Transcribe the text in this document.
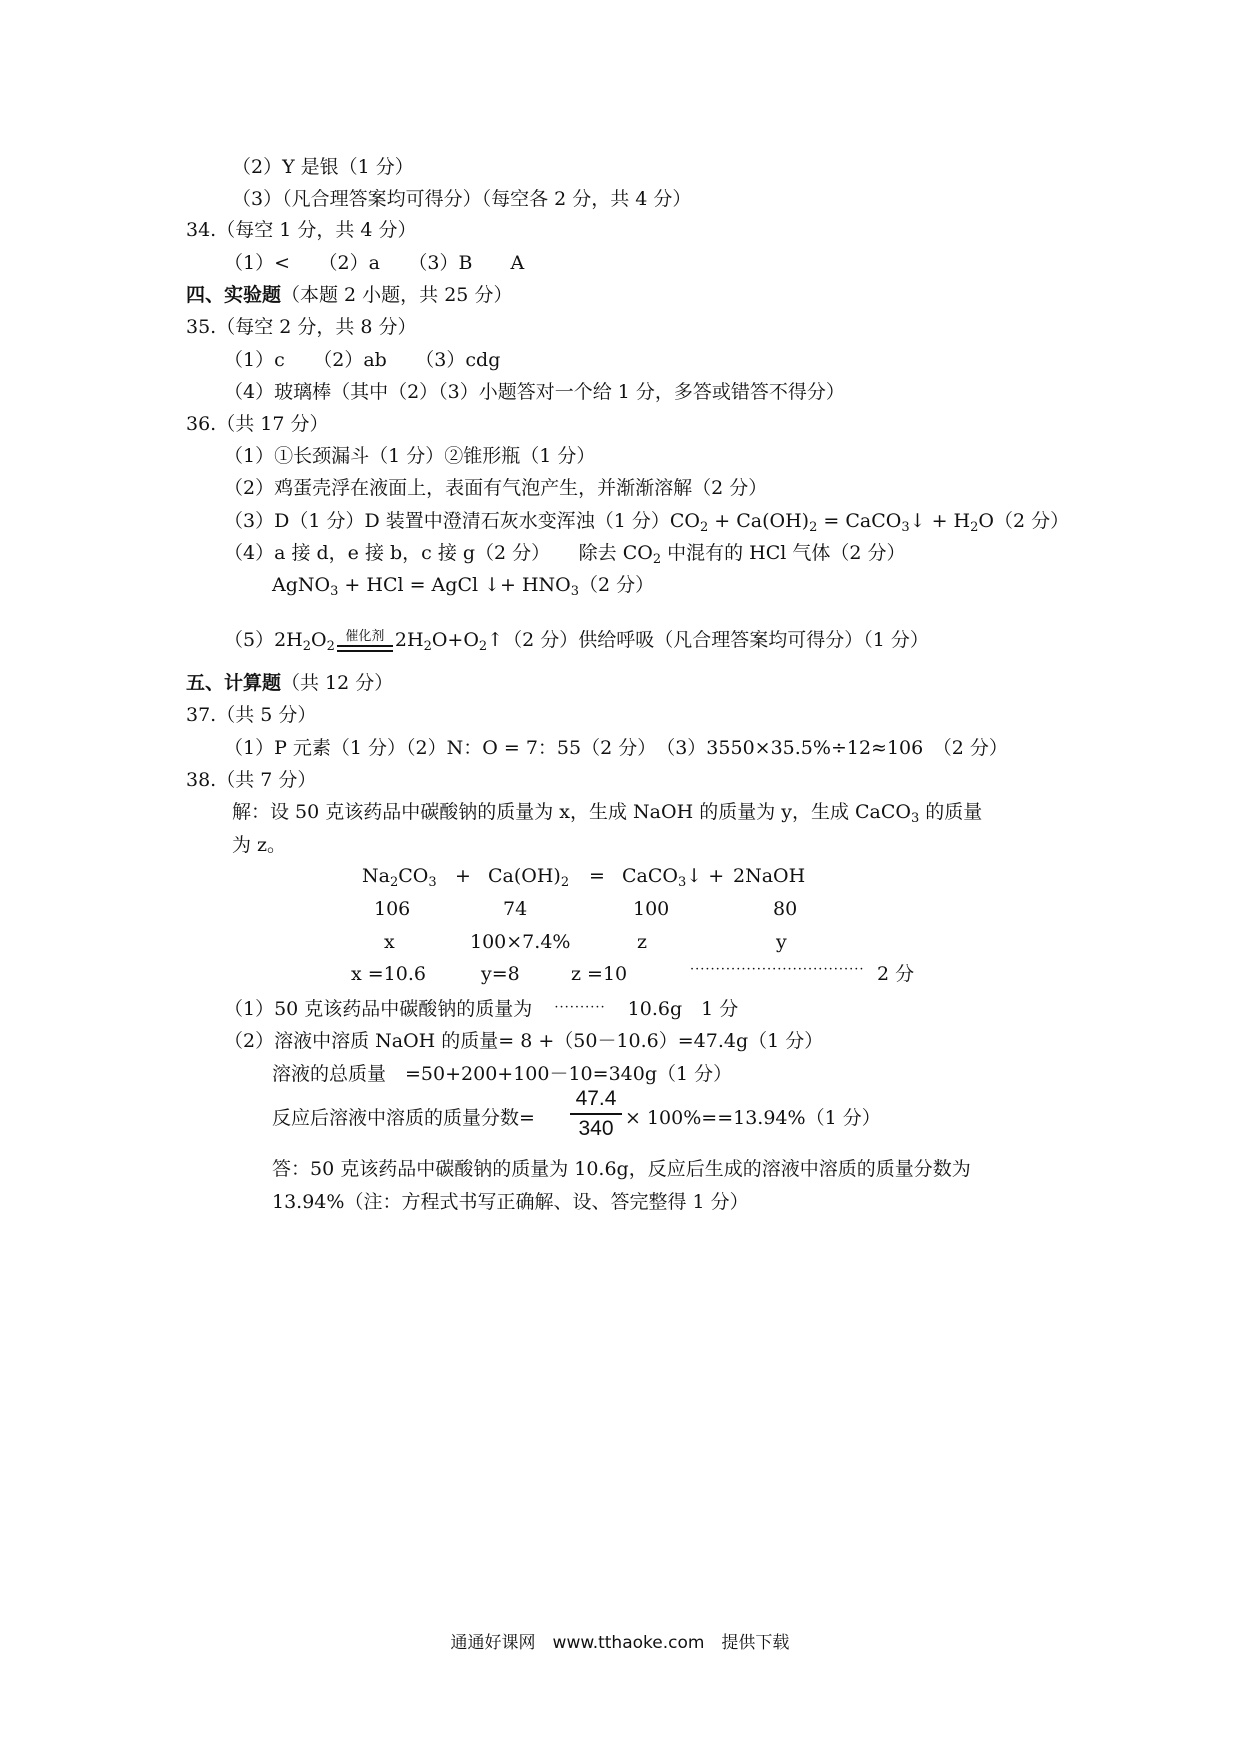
（2）Y 是银（1 分）
（3）（凡合理答案均可得分）（每空各 2 分，共 4 分）
34.（每空 1 分，共 4 分）
（1）<　　（2）a　　（3）B　　A
四、实验题（本题 2 小题，共 25 分）
35.（每空 2 分，共 8 分）
（1）c　　（2）ab　　（3）cdg
（4）玻璃棒（其中（2）（3）小题答对一个给 1 分，多答或错答不得分）
36.（共 17 分）
（1）①长颈漏斗（1 分）②锥形瓶（1 分）
（2）鸡蛋壳浮在液面上，表面有气泡产生，并渐渐溶解（2 分）
（3）D（1 分）D 装置中澄清石灰水变浑浊（1 分）$CO_2 + Ca(OH)_2$ = CaCO$_3$↓ + $H_2O(2$ 分）
（4）a 接 d，e 接 b，c 接 g（2 分）　　除去 $CO_2$ 中混有的 HCl 气体（2 分）
AgNO$_3$ + HCl = AgCl ↓+ $HNO_3(2$ 分）
$(5)2H_2O_2$
催化剂 $2H_2O+O_2↑(2$ 分）供给呼吸（凡合理答案均可得分）（1 分）
五、计算题（共 12 分）
37.（共 5 分）
（1）P 元素（1 分）（2）N：O = 7：55（2 分）　（3）3550×35.5%÷12≈106　（2 分）
38.（共 7 分）
解：设 50 克该药品中碳酸钠的质量为 x，生成 NaOH 的质量为 y，生成 CaCO$_3$ 的质量
为 z。
$Na_2CO_3 + Ca(OH)_2$ = CaCO$_3$↓ + 2NaOH
106	74	100	80
x	100×7.4%	z	y
x =10.6	y=8	z =10	·································· 2 分
（1）50 克该药品中碳酸钠的质量为 ·········· 10.6g　1 分
（2）溶液中溶质 NaOH 的质量= 8 +（50－10.6）=47.4g（1 分）
溶液的总质量　=50+200+100－10=340g（1 分）
反应后溶液中溶质的质量分数=
47.4
340 × 100%==13.94%（1 分）
答：50 克该药品中碳酸钠的质量为 10.6g，反应后生成的溶液中溶质的质量分数为
13.94%（注：方程式书写正确解、设、答完整得 1 分）
通通好课网　www.tthaoke.com　提供下载
